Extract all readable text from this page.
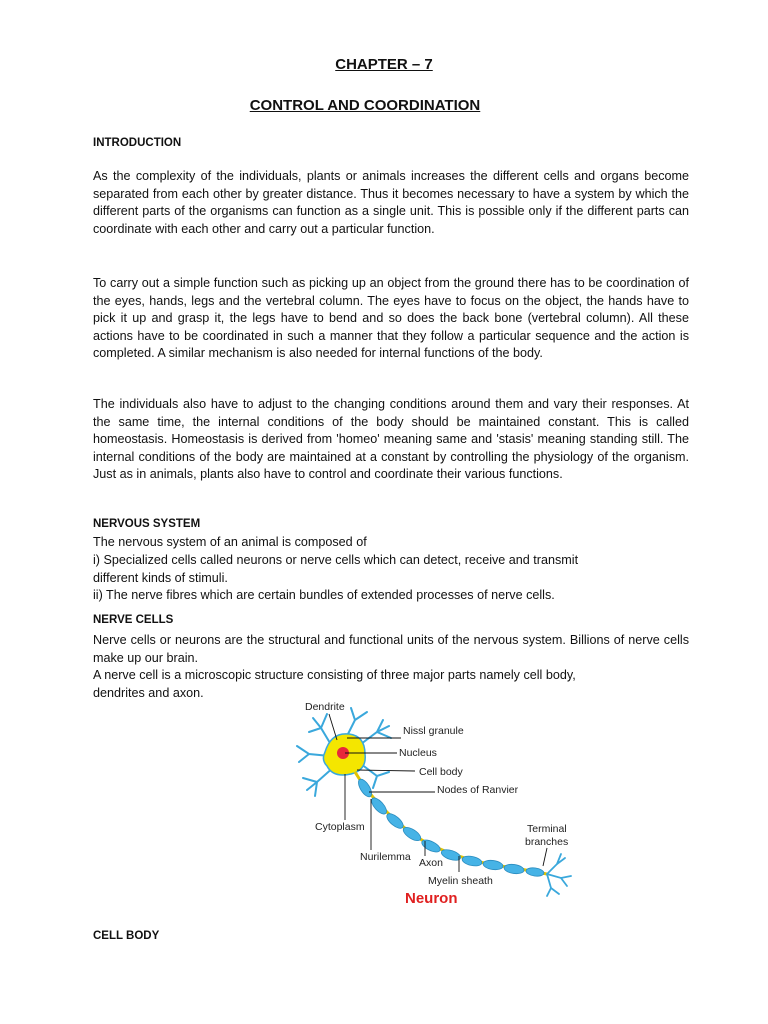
CHAPTER – 7
CONTROL AND COORDINATION
INTRODUCTION
As the complexity of the individuals, plants or animals increases the different cells and organs become separated from each other by greater distance. Thus it becomes necessary to have a system by which the different parts of the organisms can function as a single unit. This is possible only if the different parts can coordinate with each other and carry out a particular function.
To carry out a simple function such as picking up an object from the ground there has to be coordination of the eyes, hands, legs and the vertebral column. The eyes have to focus on the object, the hands have to pick it up and grasp it, the legs have to bend and so does the back bone (vertebral column). All these actions have to be coordinated in such a manner that they follow a particular sequence and the action is completed. A similar mechanism is also needed for internal functions of the body.
The individuals also have to adjust to the changing conditions around them and vary their responses. At the same time, the internal conditions of the body should be maintained constant. This is called homeostasis. Homeostasis is derived from 'homeo' meaning same and 'stasis' meaning standing still. The internal conditions of the body are maintained at a constant by controlling the physiology of the organism. Just as in animals, plants also have to control and coordinate their various functions.
NERVOUS SYSTEM
The nervous system of an animal is composed of
i) Specialized cells called neurons or nerve cells which can detect, receive and transmit
different kinds of stimuli.
ii) The nerve fibres which are certain bundles of extended processes of nerve cells.
NERVE CELLS
Nerve cells or neurons are the structural and functional units of the nervous system. Billions of nerve cells make up our brain.
A nerve cell is a microscopic structure consisting of three major parts namely cell body,
dendrites and axon.
Dendrite
Nissl granule
Nucleus
Cell body
Nodes of Ranvier
Cytoplasm
Nurilemma Axon
Myelin sheath
Terminal
branches
Neuron
CELL BODY
